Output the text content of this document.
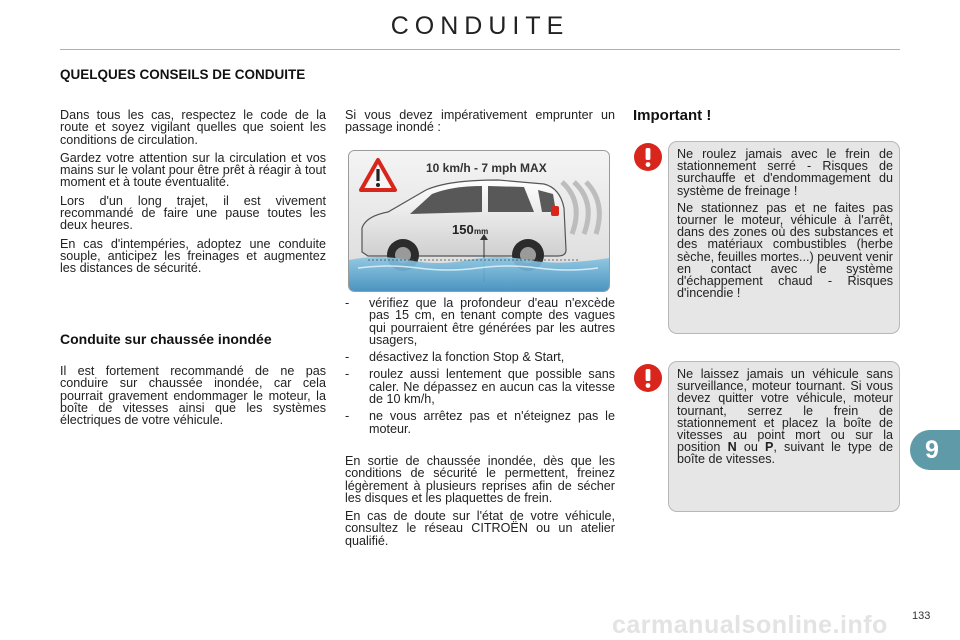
CONDUITE
QUELQUES CONSEILS DE CONDUITE

Dans tous les cas, respectez le code de la route et soyez vigilant quelles que soient les conditions de circulation.

Gardez votre attention sur la circulation et vos mains sur le volant pour être prêt à réagir à tout moment et à toute éventualité.

Lors d'un long trajet, il est vivement recommandé de faire une pause toutes les deux heures.

En cas d'intempéries, adoptez une conduite souple, anticipez les freinages et augmentez les distances de sécurité.

Conduite sur chaussée inondée

Il est fortement recommandé de ne pas conduire sur chaussée inondée, car cela pourrait gravement endommager le moteur, la boîte de vitesses ainsi que les systèmes électriques de votre véhicule.

Si vous devez impérativement emprunter un passage inondé :

10 km/h - 7 mph MAX
150 mm
-	vérifiez que la profondeur d'eau n'excède pas 15 cm, en tenant compte des vagues qui pourraient être générées par les autres usagers,
-	désactivez la fonction Stop & Start,
-	roulez aussi lentement que possible sans caler. Ne dépassez en aucun cas la vitesse de 10 km/h,
-	ne vous arrêtez pas et n'éteignez pas le moteur.

En sortie de chaussée inondée, dès que les conditions de sécurité le permettent, freinez légèrement à plusieurs reprises afin de sécher les disques et les plaquettes de frein.

En cas de doute sur l'état de votre véhicule, consultez le réseau CITROËN ou un atelier qualifié.

Important !

Ne roulez jamais avec le frein de stationnement serré - Risques de surchauffe et d'endommagement du système de freinage !

Ne stationnez pas et ne faites pas tourner le moteur, véhicule à l'arrêt, dans des zones où des substances et des matériaux combustibles (herbe sèche, feuilles mortes...) peuvent venir en contact avec le système d'échappement chaud - Risques d'incendie !

Ne laissez jamais un véhicule sans surveillance, moteur tournant. Si vous devez quitter votre véhicule, moteur tournant, serrez le frein de stationnement et placez la boîte de vitesses au point mort ou sur la position N ou P, suivant le type de boîte de vitesses.	9
carmanualsonline.info 133
